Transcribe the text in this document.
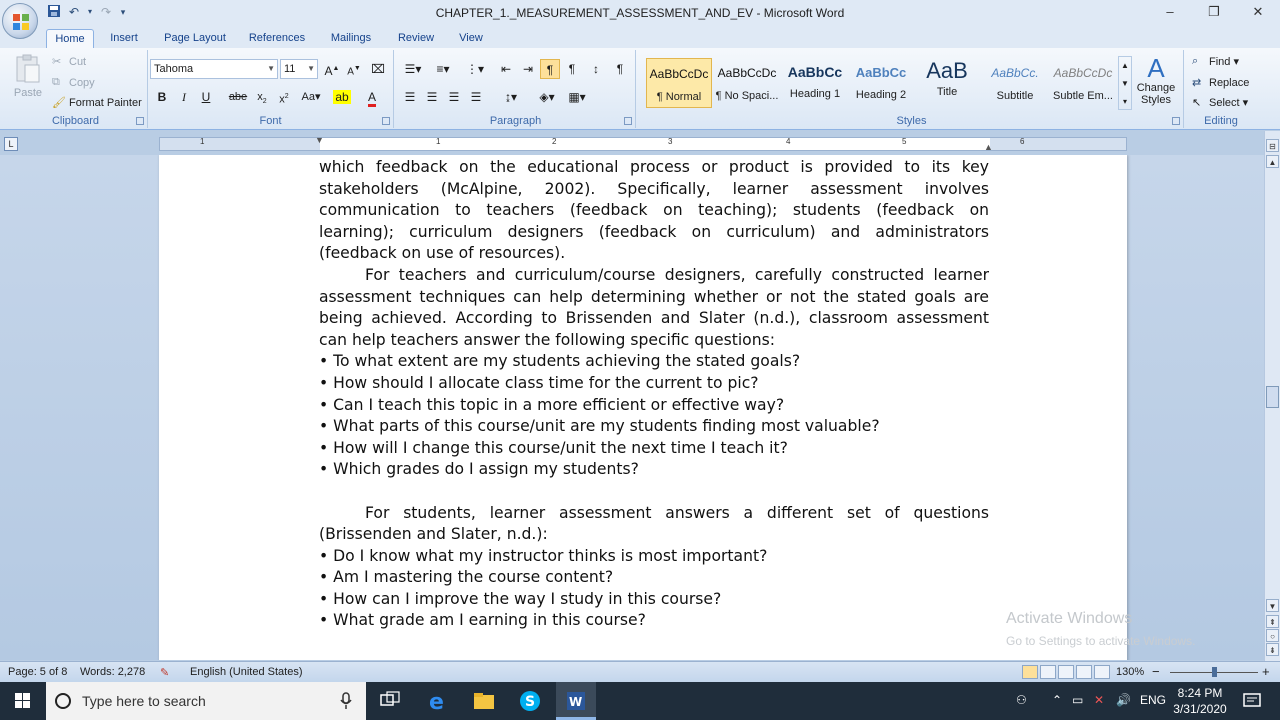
↶	▾ ↷	▾	CHAPTER_1._MEASUREMENT_ASSESSMENT_AND_EV - Microsoft Word	–	❐	✕
Home	Insert	Page Layout	References	Mailings	Review	View
Paste
✂ Cut
⧉ Copy
🖌 Format Painter
Clipboard
Tahoma	▼ 11 ▼ A▲ A▼ ⌧
B	I	U	abe $x_2$	$x^2$	Aa▾	ab	A
Font
☰▾	≡▾	⋮▾	⇤ ⇥	¶	¶	↕	¶
☰ ☰ ☰ ☰	↨▾	◈▾	▦▾
Paragraph
AaBbCcDc
¶ Normal
AaBbCcDc
¶ No Spaci...
AaBbCc
Heading 1
AaBbCc
Heading 2
AaB
Title
AaBbCc.
Subtitle
AaBbCcDc
Subtle Em...
▲
▼
▾
A
Change Styles
Styles
⌕ Find ▾
⇄ Replace
↖ Select ▾
Editing
L	1	1	2	3	4	5	6
▼
▲
which feedback on the educational process or product is provided to its key
stakeholders (McAlpine, 2002). Specifically, learner assessment involves
communication to teachers (feedback on teaching); students (feedback on
learning); curriculum designers (feedback on curriculum) and administrators
(feedback on use of resources).
For teachers and curriculum/course designers, carefully constructed learner
assessment techniques can help determining whether or not the stated goals are
being achieved. According to Brissenden and Slater (n.d.), classroom assessment
can help teachers answer the following specific questions:
• To what extent are my students achieving the stated goals?
• How should I allocate class time for the current to pic?
• Can I teach this topic in a more efficient or effective way?
• What parts of this course/unit are my students finding most valuable?
• How will I change this course/unit the next time I teach it?
• Which grades do I assign my students?
For students, learner assessment answers a different set of questions
(Brissenden and Slater, n.d.):
• Do I know what my instructor thinks is most important?
• Am I mastering the course content?
• How can I improve the way I study in this course?
• What grade am I earning in this course?	Activate Windows
Go to Settings to activate Windows.
⊟
▲
▼
⇞
○
⇟
Page: 5 of 8 Words: 2,278 ✎ English (United States)	130% −	+
Type here to search	e	S	W	⚇ ⌃ ▭ ✕ 🔊 ENG 8:24 PM
3/31/2020
